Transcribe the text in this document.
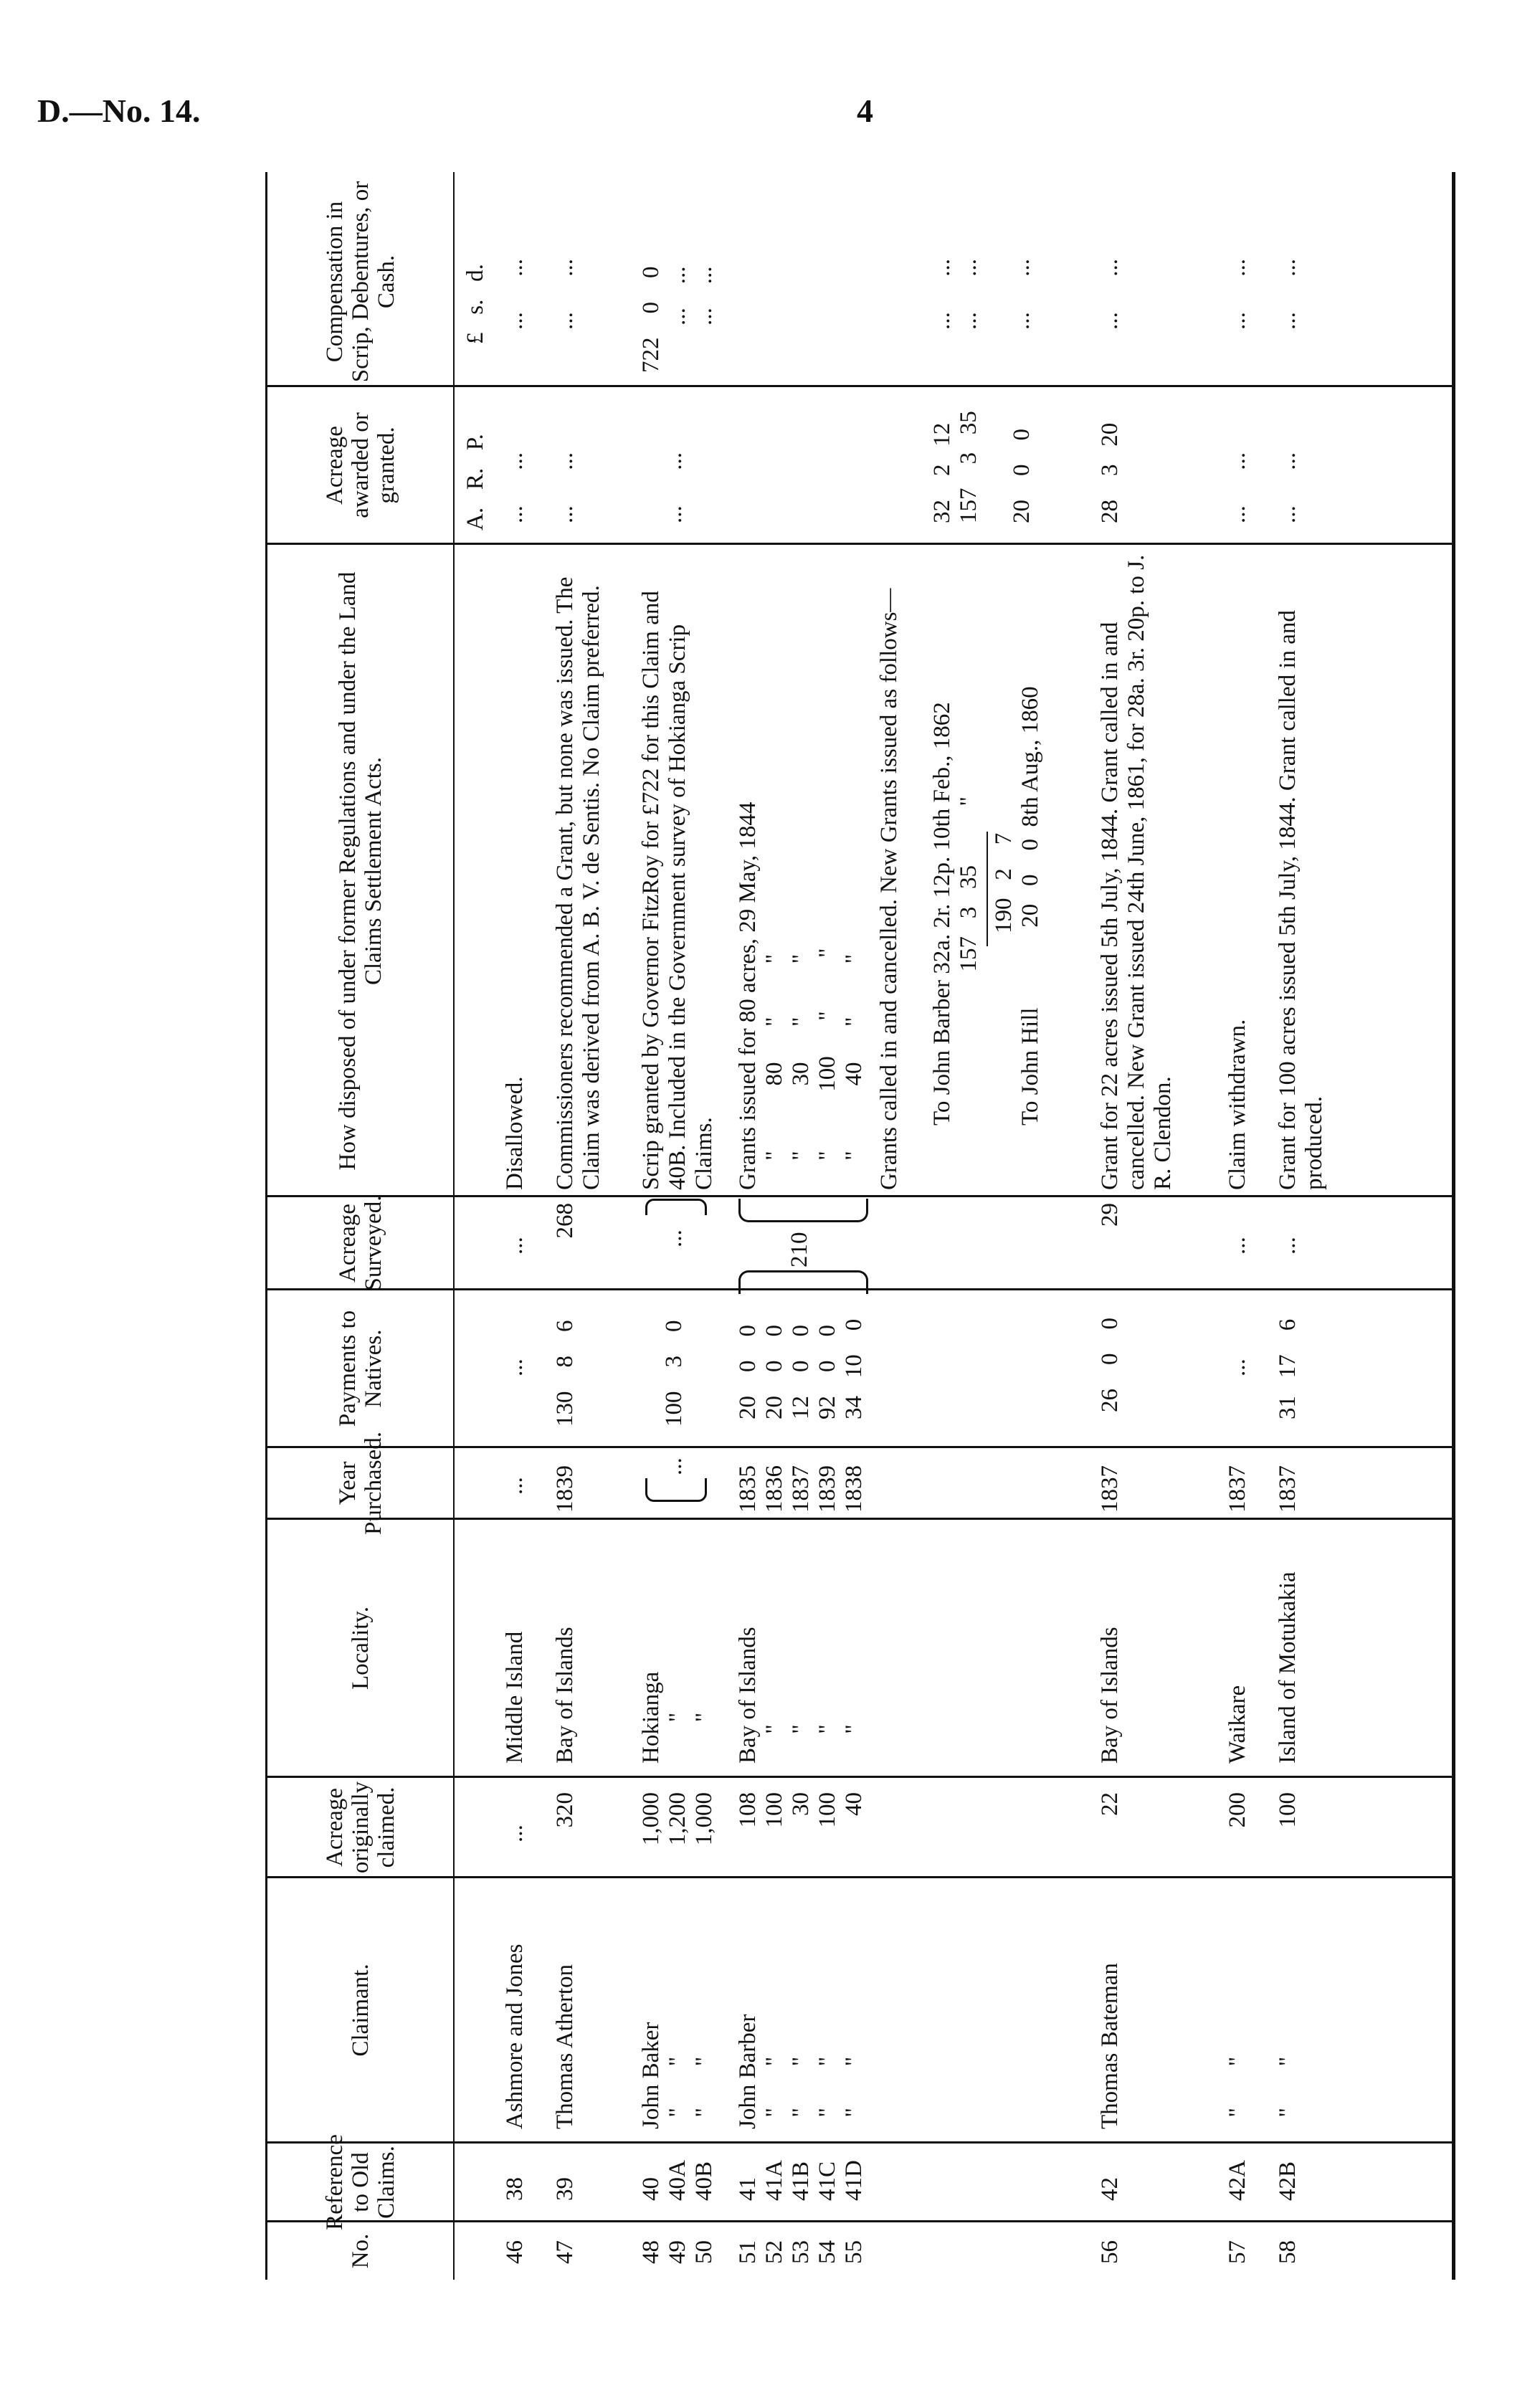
D.—No. 14.	4
No.
Reference to Old Claims.
Claimant.
Acreage originally claimed.
Locality.
Year Purchased.
Payments to Natives.
Acreage Surveyed.
How disposed of under former Regulations and under the Land Claims Settlement Acts.
Acreage awarded or granted.
Compensation in Scrip, Debentures, or Cash.
A.   R.   P.
£   s.   d.
46
38
Ashmore and Jones
...
Middle Island
...
...
...
Disallowed.
...      ...
...      ...
47
39
Thomas Atherton
320
Bay of Islands
1839
130    8    6
268
Commissioners recommended a Grant, but none was issued. The Claim was derived from A. B. V. de Sentis. No Claim preferred.
...      ...
...      ...
48
49
50
40
40A
40B
John Baker
"       "
"       "
1,000
1,200
1,000
Hokianga
"
"
...
100    3    0
...
Scrip granted by Governor FitzRoy for £722 for this Claim and 40B. Included in the Government survey of Hokianga Scrip Claims.
...      ...
722    0    0
...    ...
...    ...
51
52
53
54
55
41
41A
41B
41C
41D
John Barber
"       "
"       "
"       "
"       "
108
100
30
100
40
Bay of Islands
"
"
"
"
1835
1836
1837
1839
1838
20    0    0
20    0    0
12    0    0
92    0    0
34   10    0
210
Grants issued for 80 acres, 29 May, 1844
"           80      "         "
"           30      "         "
"          100      "         "
"           40      "         " Grants called in and cancelled. New Grants issued as follows— To John Barber 32a. 2r. 12p. 10th Feb., 1862
157   3   35          "
190   2    7
20   0    0  8th Aug., 1860
To John Hill
32    2   12
157    3   35

20    0    0
...      ...
...      ...

...      ...
56
42
Thomas Bateman
22
Bay of Islands
1837
26    0    0
29
Grant for 22 acres issued 5th July, 1844. Grant called in and cancelled. New Grant issued 24th June, 1861, for 28a. 3r. 20p. to J. R. Clendon.
28    3   20
...      ...
57
42A
"       "
200
Waikare
1837
...
...
Claim withdrawn.
...      ...
...      ...
58
42B
"       "
100
Island of Motukakia
1837
31   17    6
...
Grant for 100 acres issued 5th July, 1844. Grant called in and produced.
...      ...
...      ...
